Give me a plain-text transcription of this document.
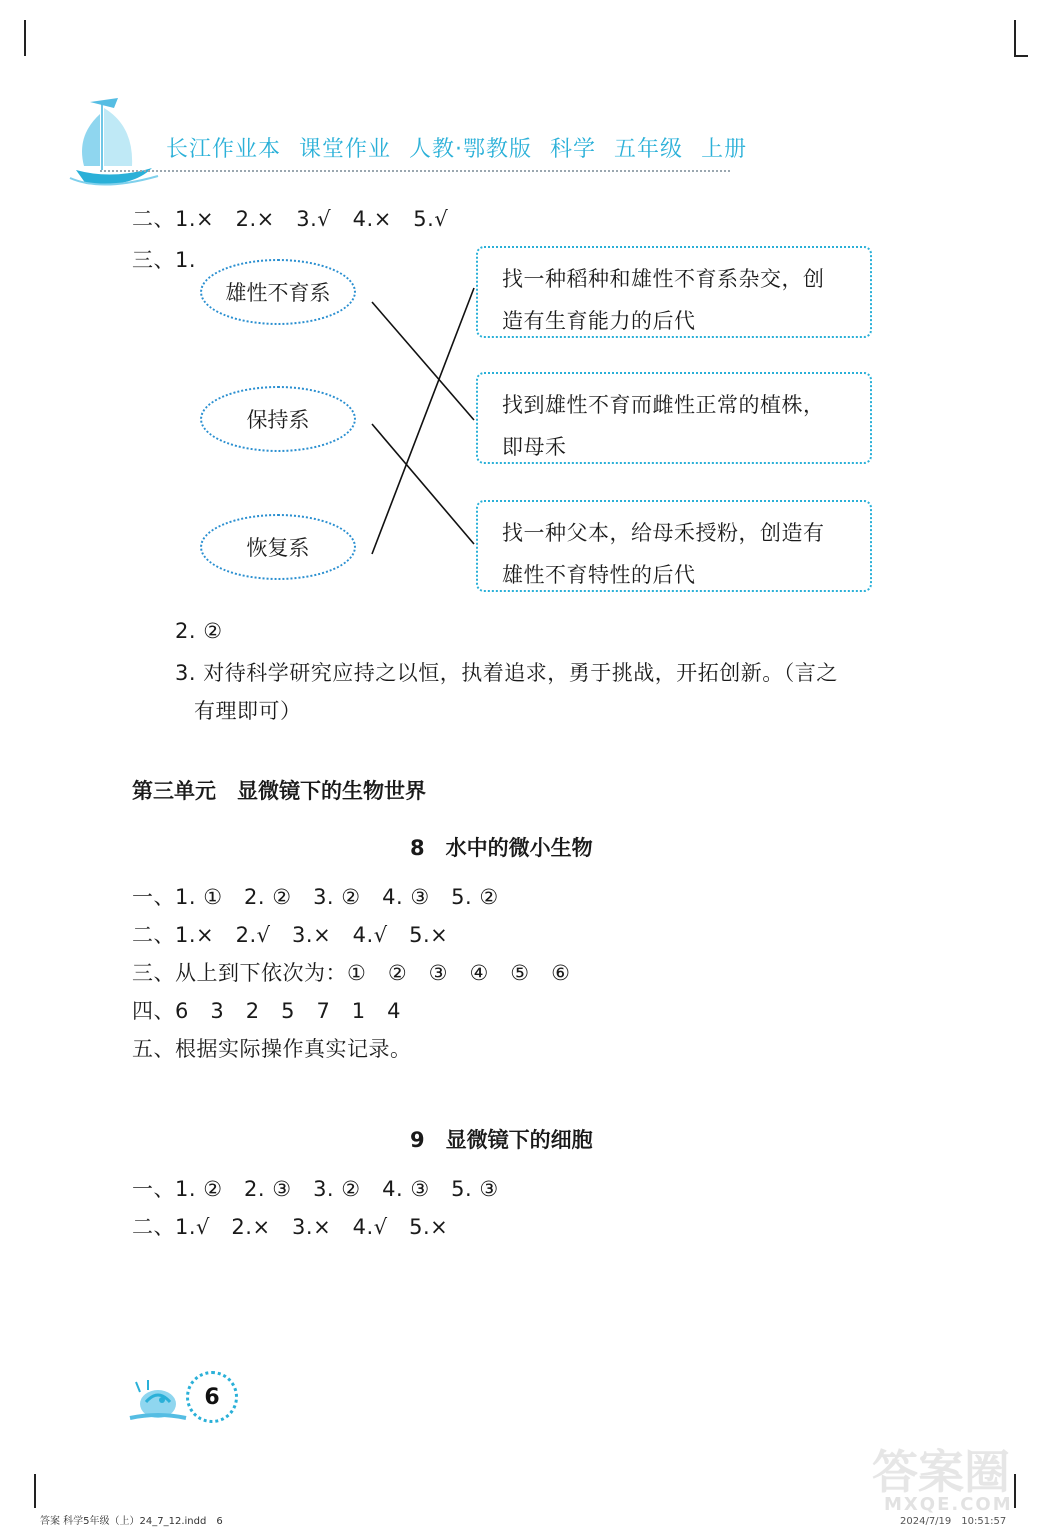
长江作业本 课堂作业 人教·鄂教版 科学 五年级 上册
二、1.×　2.×　3.√　4.×　5.√
三、1.
雄性不育系
保持系
恢复系
找一种稻种和雄性不育系杂交，创
造有生育能力的后代
找到雄性不育而雌性正常的植株，
即母禾
找一种父本，给母禾授粉，创造有
雄性不育特性的后代
2. ②
3. 对待科学研究应持之以恒，执着追求，勇于挑战，开拓创新。（言之
有理即可）
第三单元　显微镜下的生物世界
8　水中的微小生物
一、1. ①　2. ②　3. ②　4. ③　5. ②
二、1.×　2.√　3.×　4.√　5.×
三、从上到下依次为：①　②　③　④　⑤　⑥
四、6　3　2　5　7　1　4
五、根据实际操作真实记录。
9　显微镜下的细胞
一、1. ②　2. ③　3. ②　4. ③　5. ③
二、1.√　2.×　3.×　4.√　5.×
6
答案 科学5年级（上）24_7_12.indd　6	2024/7/19　10:51:57
答案圈
MXQE.COM
